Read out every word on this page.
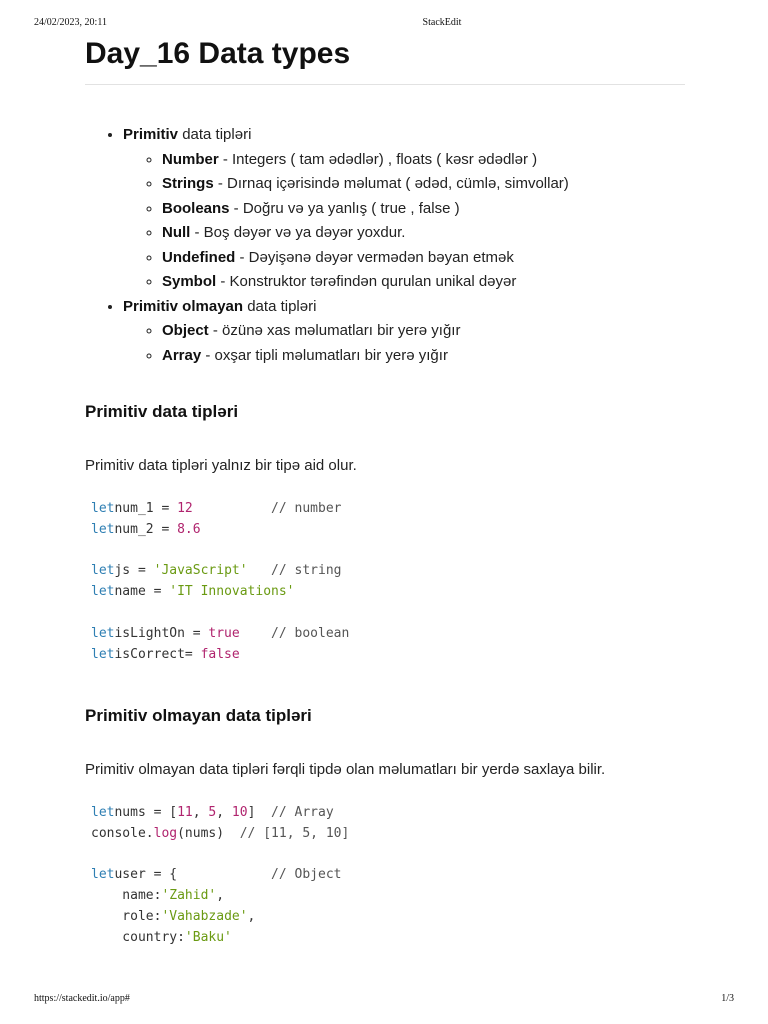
24/02/2023, 20:11	StackEdit
Day_16 Data types
• Primitiv data tipləri
◦ Number - Integers ( tam ədədlər) , floats ( kəsr ədədlər )
◦ Strings - Dırnaq içərisində məlumat ( ədəd, cümlə, simvollar)
◦ Booleans - Doğru və ya yanlış ( true , false )
◦ Null - Boş dəyər və ya dəyər yoxdur.
◦ Undefined - Dəyişənə dəyər vermədən bəyan etmək
◦ Symbol - Konstruktor tərəfindən qurulan unikal dəyər
• Primitiv olmayan data tipləri
◦ Object - özünə xas məlumatları bir yerə yığır
◦ Array - oxşar tipli məlumatları bir yerə yığır
Primitiv data tipləri

Primitiv data tipləri yalnız bir tipə aid olur.

letnum_1 = 12	// number
letnum_2 = 8.6

letjs = 'JavaScript' // string
letname = 'IT Innovations'

letisLightOn = true // boolean
letisCorrect= false
Primitiv olmayan data tipləri

Primitiv olmayan data tipləri fərqli tipdə olan məlumatları bir yerdə saxlaya bilir.

letnums = [11, 5, 10]  // Array
console.log(nums)  // [11, 5, 10]

letuser = {            // Object
name:'Zahid',
role:'Vahabzade',
country:'Baku'
https://stackedit.io/app#	1/3
